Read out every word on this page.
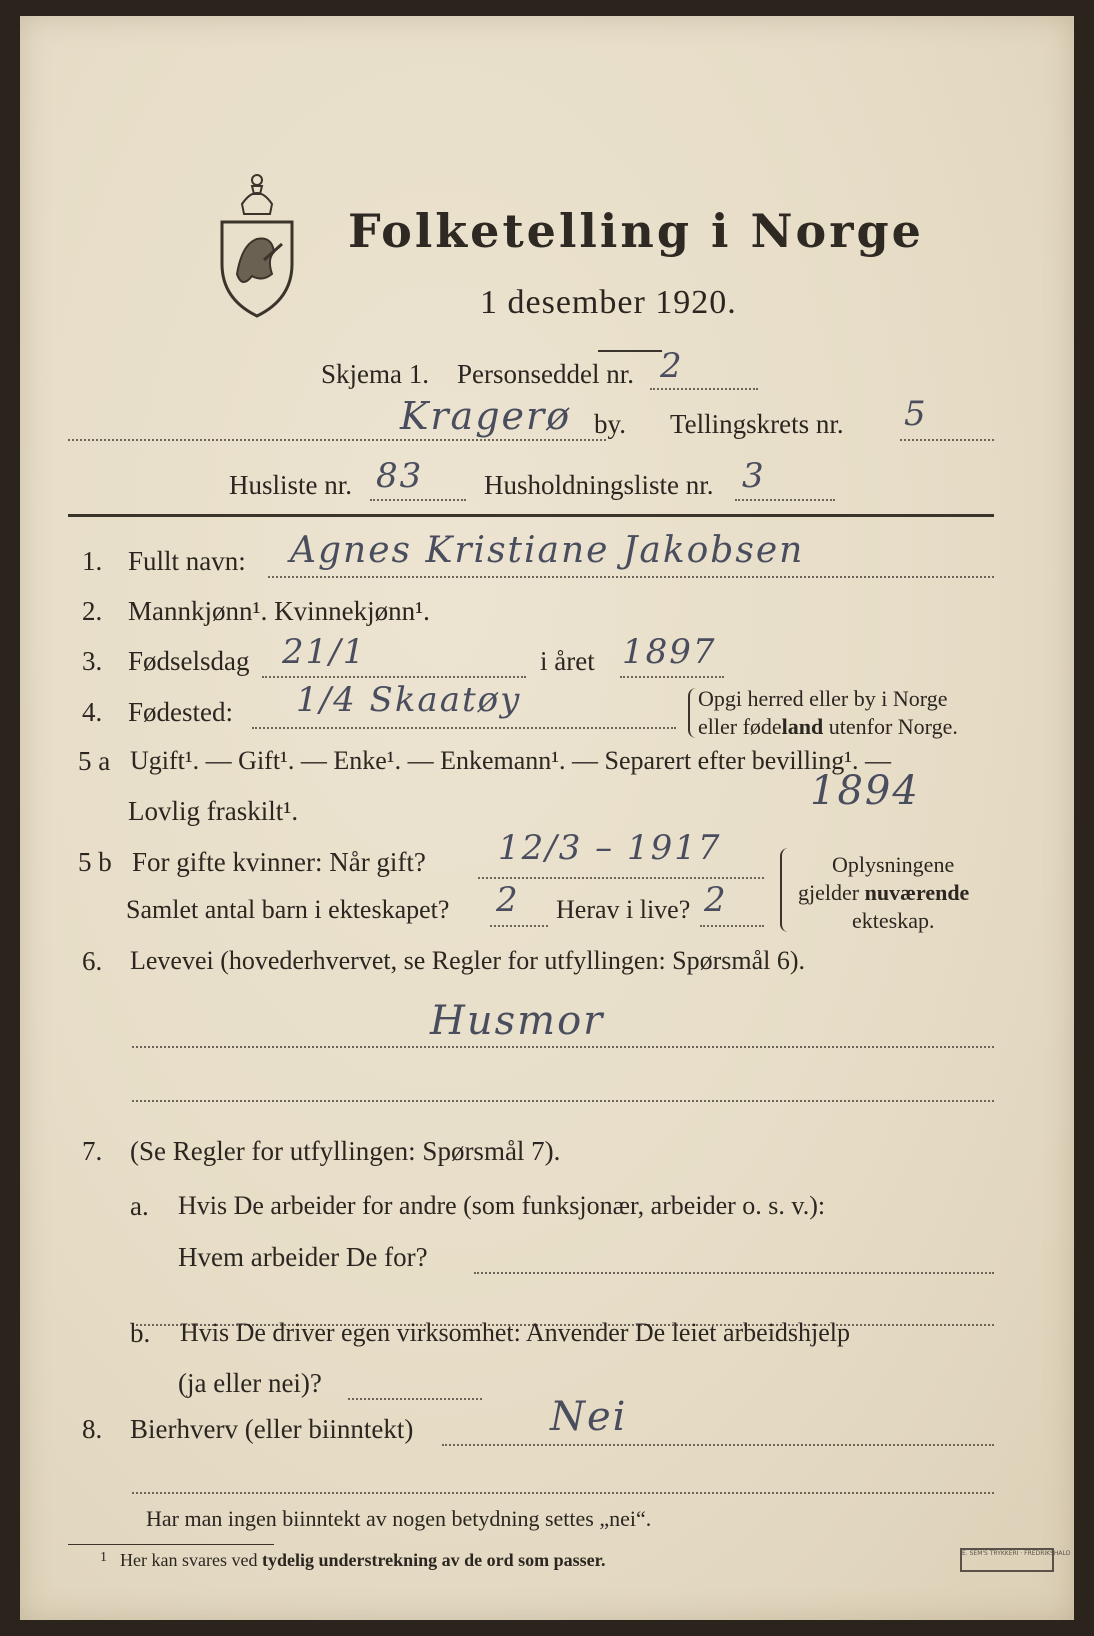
Folketelling i Norge
1 desember 1920.
Skjema 1. Personseddel nr. 2
Kragerø by. Tellingskrets nr. 5
Husliste nr. 83 Husholdningsliste nr. 3
1. Fullt navn: Agnes Kristiane Jakobsen
2. Mannkjønn¹. Kvinnekjønn¹.
3. Fødselsdag 21/1	i året 1897
4. Fødested: 1/4 Skaatøy	Opgi herred eller by i Norge
eller fødeland utenfor Norge.
5 a Ugift¹. — Gift¹. — Enke¹. — Enkemann¹. — Separert efter bevilling¹. —
Lovlig fraskilt¹.	1894
5 b For gifte kvinner: Når gift? 12/3 – 1917
Samlet antal barn i ekteskapet? 2 Herav i live? 2
Oplysningene
gjelder nuværende
ekteskap.
6. Levevei (hovederhvervet, se Regler for utfyllingen: Spørsmål 6).
Husmor
7. (Se Regler for utfyllingen: Spørsmål 7).
a. Hvis De arbeider for andre (som funksjonær, arbeider o. s. v.):
Hvem arbeider De for?
b. Hvis De driver egen virksomhet: Anvender De leiet arbeidshjelp
(ja eller nei)?
8. Bierhverv (eller biinntekt)	Nei
Har man ingen biinntekt av nogen betydning settes „nei“.
1 Her kan svares ved tydelig understrekning av de ord som passer.	E. SEM'S TRYKKERI · FREDRIKSHALD
